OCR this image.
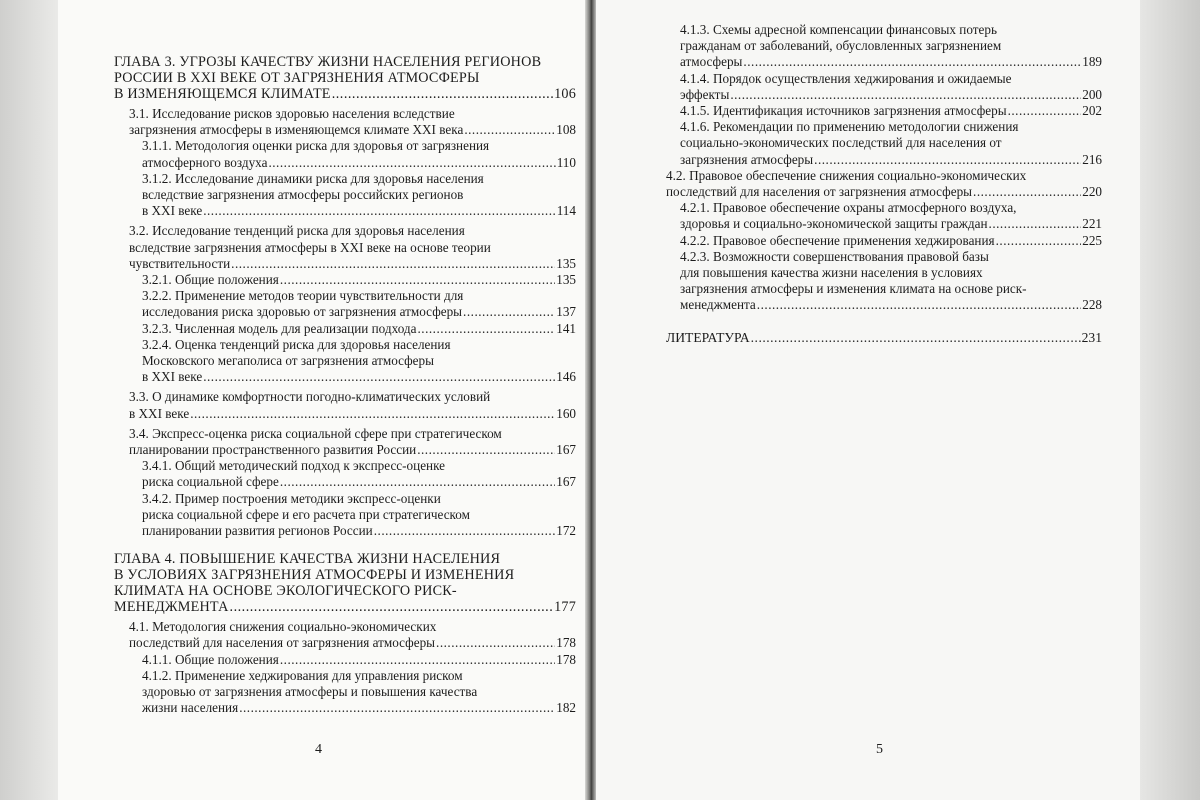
ГЛАВА 3. УГРОЗЫ КАЧЕСТВУ ЖИЗНИ НАСЕЛЕНИЯ РЕГИОНОВ
РОССИИ В XXI ВЕКЕ ОТ ЗАГРЯЗНЕНИЯ АТМОСФЕРЫ
В ИЗМЕНЯЮЩЕМСЯ КЛИМАТЕ .....	106
3.1. Исследование рисков здоровью населения вследствие
загрязнения атмосферы в изменяющемся климате XXI века .....	108
3.1.1. Методология оценки риска для здоровья от загрязнения
атмосферного воздуха .....	110
3.1.2. Исследование динамики риска для здоровья населения
вследствие загрязнения атмосферы российских регионов
в XXI веке .....	114
3.2. Исследование тенденций риска для здоровья населения
вследствие загрязнения атмосферы в XXI веке на основе теории
чувствительности .....	135
3.2.1. Общие положения .....	135
3.2.2. Применение методов теории чувствительности для
исследования риска здоровью от загрязнения атмосферы .....	137
3.2.3. Численная модель для реализации подхода .....	141
3.2.4. Оценка тенденций риска для здоровья населения
Московского мегаполиса от загрязнения атмосферы
в XXI веке .....	146
3.3. О динамике комфортности погодно-климатических условий
в XXI веке .....	160
3.4. Экспресс-оценка риска социальной сфере при стратегическом
планировании пространственного развития России .....	167
3.4.1. Общий методический подход к экспресс-оценке
риска социальной сфере .....	167
3.4.2. Пример построения методики экспресс-оценки
риска социальной сфере и его расчета при стратегическом
планировании развития регионов России .....	172
ГЛАВА 4. ПОВЫШЕНИЕ КАЧЕСТВА ЖИЗНИ НАСЕЛЕНИЯ
В УСЛОВИЯХ ЗАГРЯЗНЕНИЯ АТМОСФЕРЫ И ИЗМЕНЕНИЯ
КЛИМАТА НА ОСНОВЕ ЭКОЛОГИЧЕСКОГО РИСК-
МЕНЕДЖМЕНТА .....	177
4.1. Методология снижения социально-экономических
последствий для населения от загрязнения атмосферы .....	178
4.1.1. Общие положения .....	178
4.1.2. Применение хеджирования для управления риском
здоровью от загрязнения атмосферы и повышения качества
жизни населения .....	182
4
4.1.3. Схемы адресной компенсации финансовых потерь
гражданам от заболеваний, обусловленных загрязнением
атмосферы .....	189
4.1.4. Порядок осуществления хеджирования и ожидаемые
эффекты .....	200
4.1.5. Идентификация источников загрязнения атмосферы .....	202
4.1.6. Рекомендации по применению методологии снижения
социально-экономических последствий для населения от
загрязнения атмосферы .....	216
4.2. Правовое обеспечение снижения социально-экономических
последствий для населения от загрязнения атмосферы .....	220
4.2.1. Правовое обеспечение охраны атмосферного воздуха,
здоровья и социально-экономической защиты граждан .....	221
4.2.2. Правовое обеспечение применения хеджирования .....	225
4.2.3. Возможности совершенствования правовой базы
для повышения качества жизни населения в условиях
загрязнения атмосферы и изменения климата на основе риск-
менеджмента .....	228
ЛИТЕРАТУРА .....	231
5
